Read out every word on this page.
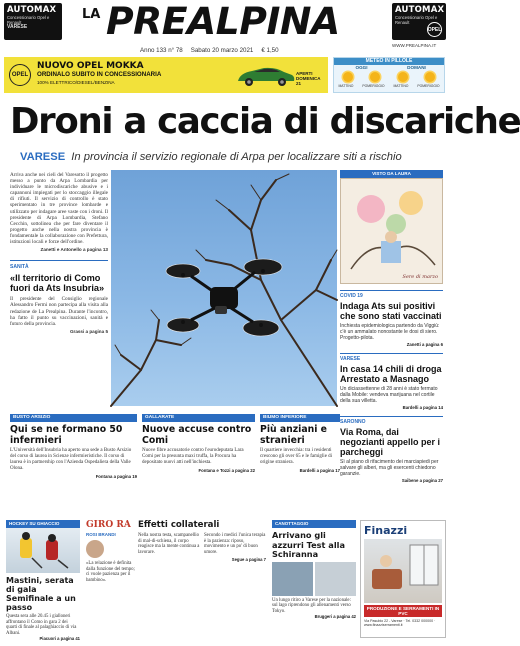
AUTOMAX
Concessionario Opel e Renault
VARESE
LA PREALPINA	AUTOMAX
Concessionario Opel e Renault
OPEL
Anno 133 n° 78 Sabato 20 marzo 2021 € 1,50
WWW.PREALPINA.IT
OPEL
NUOVO OPEL MOKKA
ORDINALO SUBITO IN CONCESSIONARIA
100% ELETTRICO/DIESEL/BENZINA
APERTI DOMENICA 21
METEO IN PILLOLE
OGGI	DOMANI
MATTINO	POMERIGGIO	MATTINO	POMERIGGIO
Droni a caccia di discariche
VARESE In provincia il servizio regionale di Arpa per localizzare siti a rischio

Arriva anche nei cieli del Varesotto il progetto messo a punto da Arpa Lombardia per individuare le microdiscariche abusive e i capannoni impiegati per lo stoccaggio illegale di rifiuti. Il servizio di controllo è stato sperimentato in tre province lombarde e utilizzato per indagare aree vaste con i droni. Il presidente di Arpa Lombardia, Stefano Cecchin, sottolinea che per fare diventare il progetto anche nella nostra provincia è fondamentale la collaborazione con Prefettura, istituzioni locali e forze dell'ordine.

Zanetti e Antonello a pagina 13
SANITÀ
«Il territorio di Como fuori da Ats Insubria»

Il presidente del Consiglio regionale Alessandro Fermi non partecipa alla visita alla redazione de La Prealpina. Durante l'incontro, ha fatto il punto su vaccinazioni, sanità e futuro della provincia.

Grassi a pagina 5
VISTO DA LAURA
Sere di marzo
COVID 19
Indaga Ats sui positivi che sono stati vaccinati

Inchiesta epidemiologica partendo da Viggiù: c'è un ammalato nonostante le dosi di siero. Progetto-pilota.

Zanetti a pagina 6
VARESE
In casa 14 chili di droga Arrestato a Masnago

Un diciassettenne di 28 anni è stato fermato dalla Mobile: vendeva marijuana nel cortile della sua villetta.

Bardelli a pagina 14
SARONNO
Via Roma, dai negozianti appello per i parcheggi

Sì al piano di rifacimento dei marciapiedi per salvare gli alberi, ma gli esercenti chiedono garanzie.

Saibene a pagina 27
BUSTO ARSIZIO
Qui se ne formano 50 infermieri

L'Università dell'Insubria ha aperto una sede a Busto Arsizio del corso di laurea in Scienze infermieristiche. Il corso di laurea è in partnership con l'Azienda Ospedaliera della Valle Olona.

Fontana a pagina 19
GALLARATE
Nuove accuse contro Comi

Nuove fibre accusatorie contro l'eurodeputata Lara Comi per la presunta maxi truffa, la Procura ha depositato nuovi atti nell'inchiesta.

Fontana e Tozzi a pagina 22
BIUMO INFERIORE
Più anziani e stranieri

Il quartiere invecchia: tra i residenti crescono gli over 65 e le famiglie di origine straniera.

Bardelli a pagina 17
HOCKEY SU GHIACCIO
Mastini, serata di gala Semifinale a un passo

Questa sera alle 20.45 i gialloneri affrontano il Como in gara 2 dei quarti di finale al palaghiaccio di via Albani.

Piacuori a pagina 41
GIRO RA
ROSI BRANDI

«La relazione è definita dalla funzione del tempo; ci vuole pazienza per il bambino».

Effetti collaterali

Nella nostra testa, scampanellio di mal-di-schiena, il corpo reagisce ma la mente continua a lavorare.

Secondo i medici l'unica terapia è la pazienza: riposo, movimento e un po' di buon umore.

Segue a pagina 7
CANOTTAGGIO
Arrivano gli azzurri Test alla Schiranna

Un lungo ritiro a Varese per la nazionale: sul lago riprendono gli allenamenti verso Tokyo.

Bruggeri a pagina 42
Finazzi
PRODUZIONE E SERRAMENTI IN PVC
Via Pasubio 22 - Varese · Tel. 0332 000000 · www.finazziserramenti.it
